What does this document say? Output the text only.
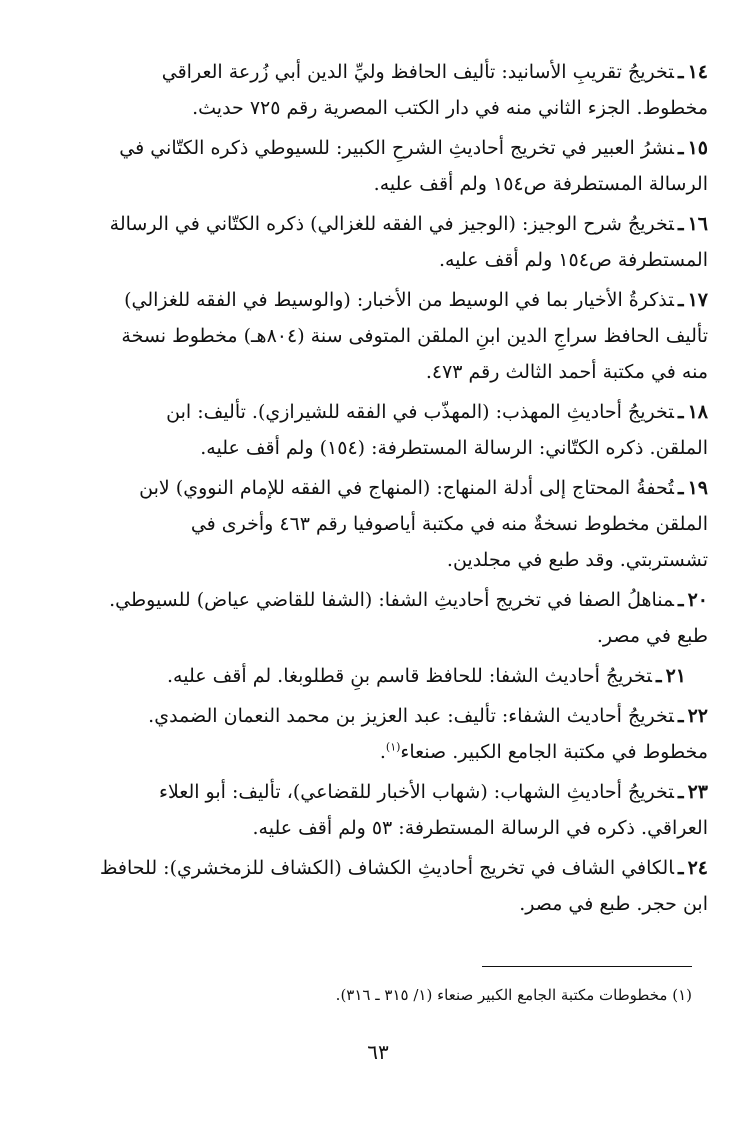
١٤ـتخريجُ تقريبِ الأسانيد: تأليف الحافظ وليِّ الدين أبي زُرعة العراقي
مخطوط. الجزء الثاني منه في دار الكتب المصرية رقم ٧٢٥ حديث.
١٥ـنشرُ العبير في تخريج أحاديثِ الشرحِ الكبير: للسيوطي ذكره الكتّاني في
الرسالة المستطرفة ص١٥٤ ولم أقف عليه.
١٦ـتخريجُ شرح الوجيز: (الوجيز في الفقه للغزالي) ذكره الكتّاني في الرسالة
المستطرفة ص١٥٤ ولم أقف عليه.
١٧ـتذكرةُ الأخيار بما في الوسيط من الأخبار: (والوسيط في الفقه للغزالي)
تأليف الحافظ سراجِ الدين ابنِ الملقن المتوفى سنة (٨٠٤هـ) مخطوط نسخة
منه في مكتبة أحمد الثالث رقم ٤٧٣.
١٨ـتخريجُ أحاديثِ المهذب: (المهذّب في الفقه للشيرازي). تأليف: ابن
الملقن. ذكره الكتّاني: الرسالة المستطرفة: (١٥٤) ولم أقف عليه.
١٩ـتُحفةُ المحتاج إلى أدلة المنهاج: (المنهاج في الفقه للإمام النووي) لابن
الملقن مخطوط نسخةٌ منه في مكتبة أياصوفيا رقم ٤٦٣ وأخرى في
تشستربتي. وقد طبع في مجلدين.
٢٠ـمناهلُ الصفا في تخريج أحاديثِ الشفا: (الشفا للقاضي عياض) للسيوطي.
طبع في مصر.
٢١ـتخريجُ أحاديث الشفا: للحافظ قاسم بنِ قطلوبغا. لم أقف عليه.
٢٢ـتخريجُ أحاديث الشفاء: تأليف: عبد العزيز بن محمد النعمان الضمدي.
مخطوط في مكتبة الجامع الكبير. صنعاء$^{(١)}$.
٢٣ـتخريجُ أحاديثِ الشهاب: (شهاب الأخبار للقضاعي)، تأليف: أبو العلاء
العراقي. ذكره في الرسالة المستطرفة: ٥٣ ولم أقف عليه.
٢٤ـالكافي الشاف في تخريج أحاديثِ الكشاف (الكشاف للزمخشري): للحافظ
ابن حجر. طبع في مصر.
(١) مخطوطات مكتبة الجامع الكبير صنعاء (١/ ٣١٥ ـ ٣١٦).
٦٣
